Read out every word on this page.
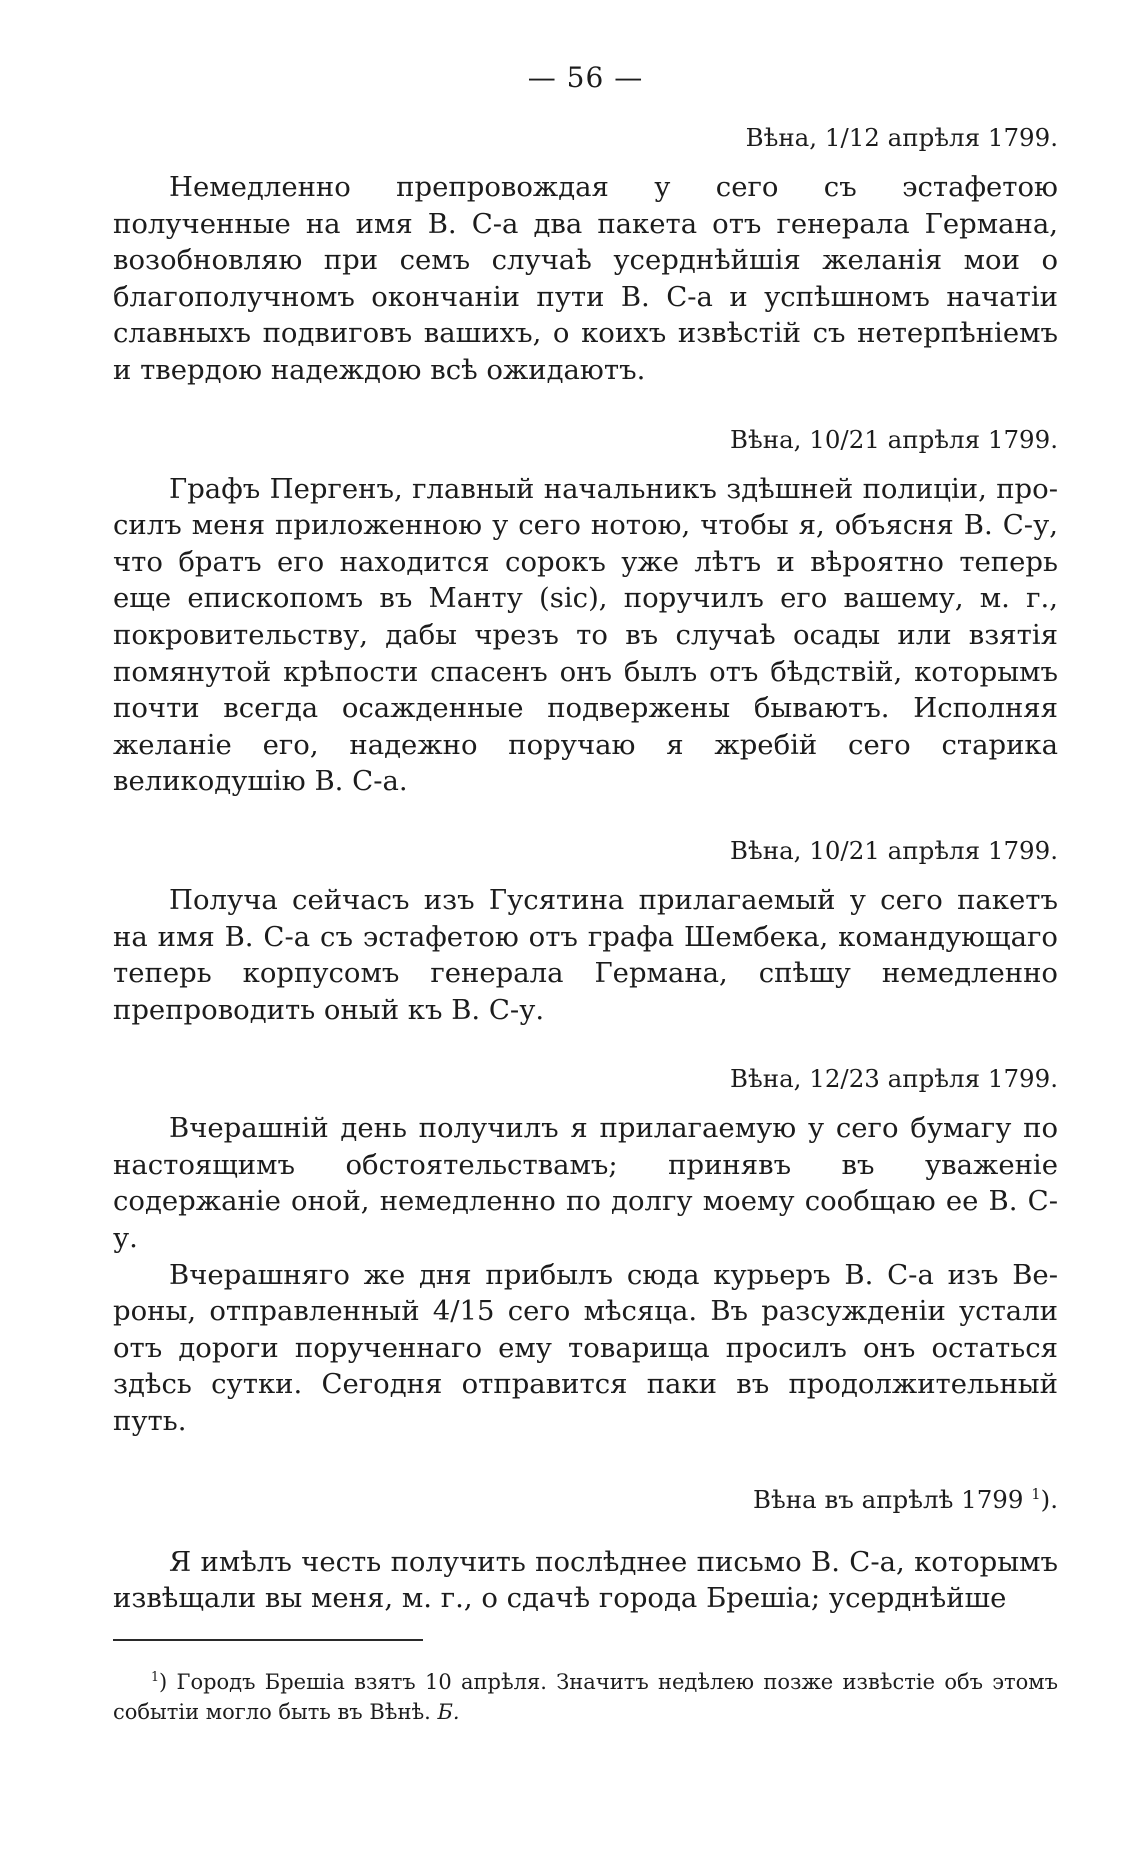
— 56 —
Вѣна, 1/12 апрѣля 1799.

Немедленно препровождая у сего съ эстафетою полученные на имя В. С-а два пакета отъ генерала Германа, возобновляю при семъ случаѣ усерднѣйшія желанія мои о благополучномъ окончаніи пути В. С-а и успѣшномъ начатіи славныхъ подвиговъ вашихъ, о коихъ извѣстій съ нетерпѣніемъ и твердою надеждою всѣ ожидаютъ.

Вѣна, 10/21 апрѣля 1799.

Графъ Пергенъ, главный начальникъ здѣшней полиціи, просилъ меня приложенною у сего нотою, чтобы я, объясня В. С-у, что братъ его находится сорокъ уже лѣтъ и вѣроятно теперь еще епископомъ въ Манту (sic), поручилъ его вашему, м. г., покровительству, дабы чрезъ то въ случаѣ осады или взятія помянутой крѣпости спасенъ онъ былъ отъ бѣдствій, которымъ почти всегда осажденные подвержены бываютъ. Исполняя желаніе его, надежно поручаю я жребій сего старика великодушію В. С-а.

Вѣна, 10/21 апрѣля 1799.

Получа сейчасъ изъ Гусятина прилагаемый у сего пакетъ на имя В. С-а съ эстафетою отъ графа Шембека, командующаго теперь корпусомъ генерала Германа, спѣшу немедленно препроводить оный къ В. С-у.

Вѣна, 12/23 апрѣля 1799.

Вчерашній день получилъ я прилагаемую у сего бумагу по настоящимъ обстоятельствамъ; принявъ въ уваженіе содержаніе оной, немедленно по долгу моему сообщаю ее В. С-у.

Вчерашняго же дня прибылъ сюда курьеръ В. С-а изъ Вероны, отправленный 4/15 сего мѣсяца. Въ разсужденіи устали отъ дороги порученнаго ему товарища просилъ онъ остаться здѣсь сутки. Сегодня отправится паки въ продолжительный путь.

Вѣна въ апрѣлѣ 1799 $^1$).

Я имѣлъ честь получить послѣднее письмо В. С-а, которымъ извѣщали вы меня, м. г., о сдачѣ города Брешіа; усерднѣйше

$^1$) Городъ Брешіа взятъ 10 апрѣля. Значитъ недѣлею позже извѣстіе объ этомъ событіи могло быть въ Вѣнѣ. Б.
